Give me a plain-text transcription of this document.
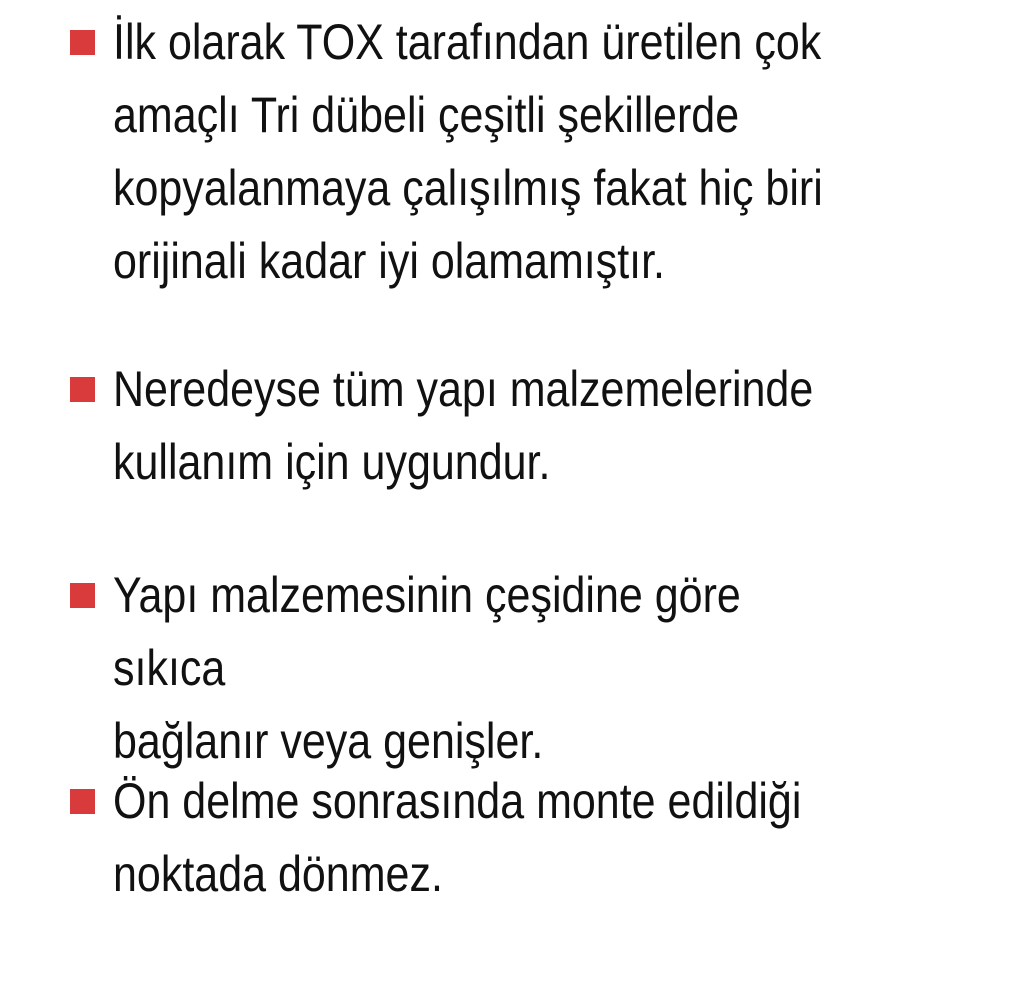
İlk olarak TOX tarafından üretilen çok
amaçlı Tri dübeli çeşitli şekillerde
kopyalanmaya çalışılmış fakat hiç biri
orijinali kadar iyi olamamıştır.

Neredeyse tüm yapı malzemelerinde
kullanım için uygundur.

Yapı malzemesinin çeşidine göre sıkıca
bağlanır veya genişler.

Ön delme sonrasında monte edildiği
noktada dönmez.
